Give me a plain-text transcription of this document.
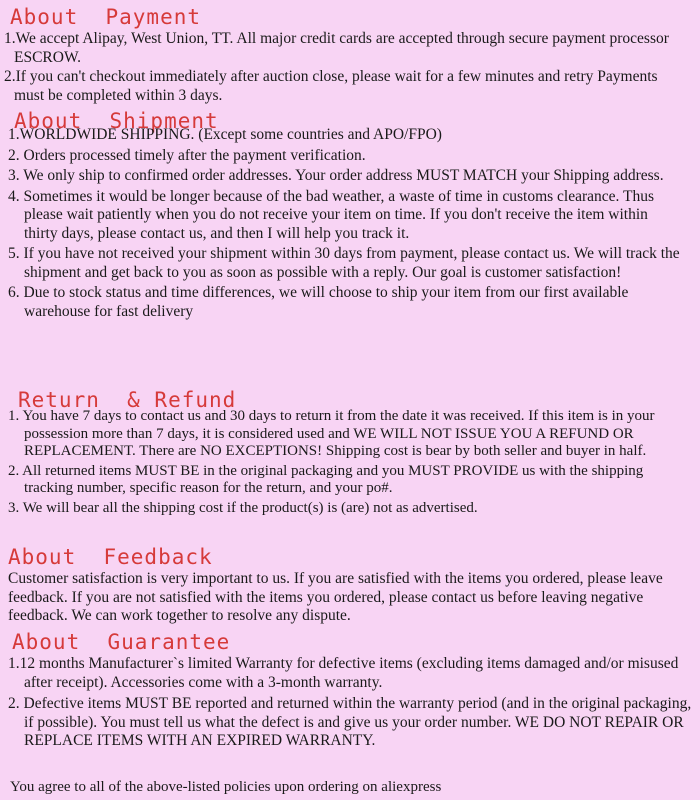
About  Payment

1.We accept Alipay, West Union, TT. All major credit cards are accepted through secure payment processor ESCROW.

2.If you can't checkout immediately after auction close, please wait for a few minutes and retry Payments must be completed within 3 days.

About  Shipment

1.WORLDWIDE SHIPPING. (Except some countries and APO/FPO)

2. Orders processed timely after the payment verification.

3. We only ship to confirmed order addresses. Your order address MUST MATCH your Shipping address.

4. Sometimes it would be longer because of the bad weather, a waste of time in customs clearance. Thus please wait patiently when you do not receive your item on time. If you don't receive the item within thirty days, please contact us, and then I will help you track it.

5. If you have not received your shipment within 30 days from payment, please contact us. We will track the shipment and get back to you as soon as possible with a reply. Our goal is customer satisfaction!

6. Due to stock status and time differences, we will choose to ship your item from our first available warehouse for fast delivery

Return  & Refund

1. You have 7 days to contact us and 30 days to return it from the date it was received. If this item is in your possession more than 7 days, it is considered used and WE WILL NOT ISSUE YOU A REFUND OR REPLACEMENT. There are NO EXCEPTIONS! Shipping cost is bear by both seller and buyer in half.

2. All returned items MUST BE in the original packaging and you MUST PROVIDE us with the shipping tracking number, specific reason for the return, and your po#.

3. We will bear all the shipping cost if the product(s) is (are) not as advertised.

About  Feedback

Customer satisfaction is very important to us. If you are satisfied with the items you ordered, please leave feedback. If you are not satisfied with the items you ordered, please contact us before leaving negative feedback. We can work together to resolve any dispute.

About  Guarantee

1.12 months Manufacturer`s limited Warranty for defective items (excluding items damaged and/or misused after receipt). Accessories come with a 3-month warranty.

2. Defective items MUST BE reported and returned within the warranty period (and in the original packaging, if possible). You must tell us what the defect is and give us your order number. WE DO NOT REPAIR OR REPLACE ITEMS WITH AN EXPIRED WARRANTY.

You agree to all of the above-listed policies upon ordering on aliexpress
